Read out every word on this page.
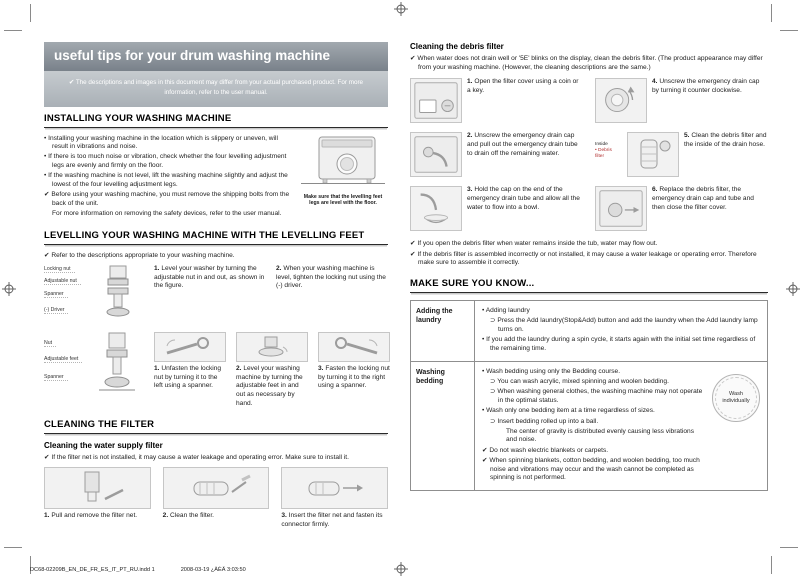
useful tips for your drum washing machine
✔ The descriptions and images in this document may differ from your actual purchased product. For more information, refer to the user manual.
INSTALLING YOUR WASHING MACHINE
• Installing your washing machine in the location which is slippery or uneven, will result in vibrations and noise.
• If there is too much noise or vibration, check whether the four levelling adjustment legs are evenly and firmly on the floor.
• If the washing machine is not level, lift the washing machine slightly and adjust the lowest of the four levelling adjustment legs.
✔ Before using your washing machine, you must remove the shipping bolts from the back of the unit.
For more information on removing the safety devices, refer to the user manual.
Make sure that the levelling feet legs are level with the floor.
LEVELLING YOUR WASHING MACHINE WITH THE LEVELLING FEET
✔ Refer to the descriptions appropriate to your washing machine.
Locking nut
Adjustable nut
Spanner
(-) Driver
1. Level your washer by turning the adjustable nut in and out, as shown in the figure.
2. When your washing machine is level, tighten the locking nut using the (-) driver.
Nut
Adjustable feet
Spanner
1. Unfasten the locking nut by turning it to the left using a spanner.
2. Level your washing machine by turning the adjustable feet in and out as necessary by hand.
3. Fasten the locking nut by turning it to the right using a spanner.
CLEANING THE FILTER
Cleaning the water supply filter
✔ If the filter net is not installed, it may cause a water leakage and operating error. Make sure to install it.
1. Pull and remove the filter net.	2. Clean the filter.	3. Insert the filter net and fasten its connector firmly.
Cleaning the debris filter
✔ When water does not drain well or '5E' blinks on the display, clean the debris filter. (The product appearance may differ from your washing machine. (However, the cleaning descriptions are the same.)
1. Open the filter cover using a coin or a key.
4. Unscrew the emergency drain cap by turning it counter clockwise.
2. Unscrew the emergency drain cap and pull out the emergency drain tube to drain off the remaining water.
Inside
• Debris filter
5. Clean the debris filter and the inside of the drain hose.
3. Hold the cap on the end of the emergency drain tube and allow all the water to flow into a bowl.
6. Replace the debris filter, the emergency drain cap and tube and then close the filter cover.
✔ If you open the debris filter when water remains inside the tub, water may flow out.
✔ If the debris filter is assembled incorrectly or not installed, it may cause a water leakage or operating error. Therefore make sure to assemble it correctly.
MAKE SURE YOU KNOW...
Adding the laundry
• Adding laundry
⊃ Press the Add laundry(Stop&Add) button and add the laundry when the Add laundry lamp turns on.
• If you add the laundry during a spin cycle, it starts again with the initial set time regardless of the remaining time.
Washing bedding
• Wash bedding using only the Bedding course.
⊃ You can wash acrylic, mixed spinning and woolen bedding.
⊃ When washing general clothes, the washing machine may not operate in the optimal status.
• Wash only one bedding item at a time regardless of sizes.
⊃ Insert bedding rolled up into a ball.
The center of gravity is distributed evenly causing less vibrations and noise.
✔ Do not wash electric blankets or carpets.
✔ When spinning blankets, cotton bedding, and woolen bedding, too much noise and vibrations may occur and the wash cannot be completed as spinning is not performed.
Wash individually
DC68-02209B_EN_DE_FR_ES_IT_PT_RU.indd 1	2008-03-19 ¿ÀÈÄ 3:03:50
